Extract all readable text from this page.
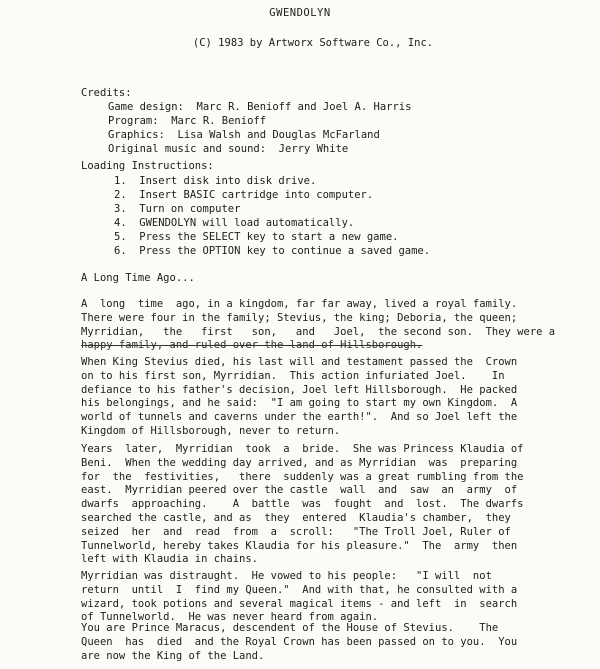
GWENDOLYN
(C) 1983 by Artworx Software Co., Inc.
Credits:
Game design:  Marc R. Benioff and Joel A. Harris
Program:  Marc R. Benioff
Graphics:  Lisa Walsh and Douglas McFarland
Original music and sound:  Jerry White
Loading Instructions:
1.  Insert disk into disk drive.
2.  Insert BASIC cartridge into computer.
3.  Turn on computer
4.  GWENDOLYN will load automatically.
5.  Press the SELECT key to start a new game.
6.  Press the OPTION key to continue a saved game.
A Long Time Ago...
A  long  time  ago, in a kingdom, far far away, lived a royal family.
There were four in the family; Stevius, the king; Deboria, the queen;
Myrridian,   the   first   son,   and   Joel,  the second son.  They were a
happy family, and ruled over the land of Hillsborough.
When King Stevius died, his last will and testament passed the  Crown
on to his first son, Myrridian.  This action infuriated Joel.    In
defiance to his father's decision, Joel left Hillsborough.  He packed
his belongings, and he said:  "I am going to start my own Kingdom.  A
world of tunnels and caverns under the earth!".  And so Joel left the
Kingdom of Hillsborough, never to return.
Years  later,  Myrridian  took  a  bride.  She was Princess Klaudia of
Beni.  When the wedding day arrived, and as Myrridian  was  preparing
for  the  festivities,   there  suddenly was a great rumbling from the
east.  Myrridian peered over the castle  wall  and  saw  an  army  of
dwarfs  approaching.    A  battle  was  fought  and  lost.  The dwarfs
searched the castle, and as  they  entered  Klaudia's chamber,  they
seized  her  and  read  from  a  scroll:   "The Troll Joel, Ruler of
Tunnelworld, hereby takes Klaudia for his pleasure."  The  army  then
left with Klaudia in chains.
Myrridian was distraught.  He vowed to his people:   "I will  not
return  until  I  find my Queen."  And with that, he consulted with a
wizard, took potions and several magical items - and left  in  search
of Tunnelworld.  He was never heard from again.
You are Prince Maracus, descendent of the House of Stevius.    The
Queen  has  died  and the Royal Crown has been passed on to you.  You
are now the King of the Land.
